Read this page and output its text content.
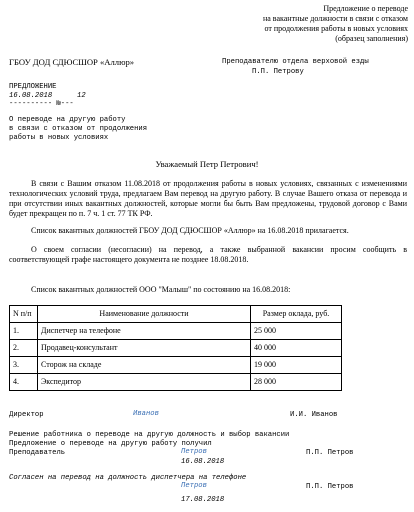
Предложение о переводе
на вакантные должности в связи с отказом
от продолжения работы в новых условиях
(образец заполнения)
ГБОУ ДОД СДЮСШОР «Аллюр»	Преподавателю отдела верховой езды
П.П. Петрову
ПРЕДЛОЖЕНИЕ
16.08.2018	12
---------- №---
О переводе на другую работу
в связи с отказом от продолжения
работы в новых условиях
Уважаемый Петр Петрович!
В связи с Вашим отказом 11.08.2018 от продолжения работы в новых условиях, связанных с изменениями технологических условий труда, предлагаем Вам перевод на другую работу. В случае Вашего отказа от перевода и при отсутствии иных вакантных должностей, которые могли бы быть Вам предложены, трудовой договор с Вами будет прекращен по п. 7 ч. 1 ст. 77 ТК РФ.
Список вакантных должностей ГБОУ ДОД СДЮСШОР «Аллюр» на 16.08.2018 прилагается.
О своем согласии (несогласии) на перевод, а также выбранной вакансии просим сообщить в соответствующей графе настоящего документа не позднее 18.08.2018.
Список вакантных должностей ООО "Малыш" по состоянию на 16.08.2018:
N п/п	Наименование должности	Размер оклада, руб.
1.	Диспетчер на телефоне	25 000
2.	Продавец-консультант	40 000
3.	Сторож на складе	19 000
4.	Экспедитор	28 000
Директор	Иванов	И.И. Иванов
Решение работника о переводе на другую должность и выбор вакансии
Предложение о переводе на другую работу получил
Преподаватель	Петров	П.П. Петров
16.08.2018
Согласен на перевод на должность диспетчера на телефоне
Петров	П.П. Петров
17.08.2018
